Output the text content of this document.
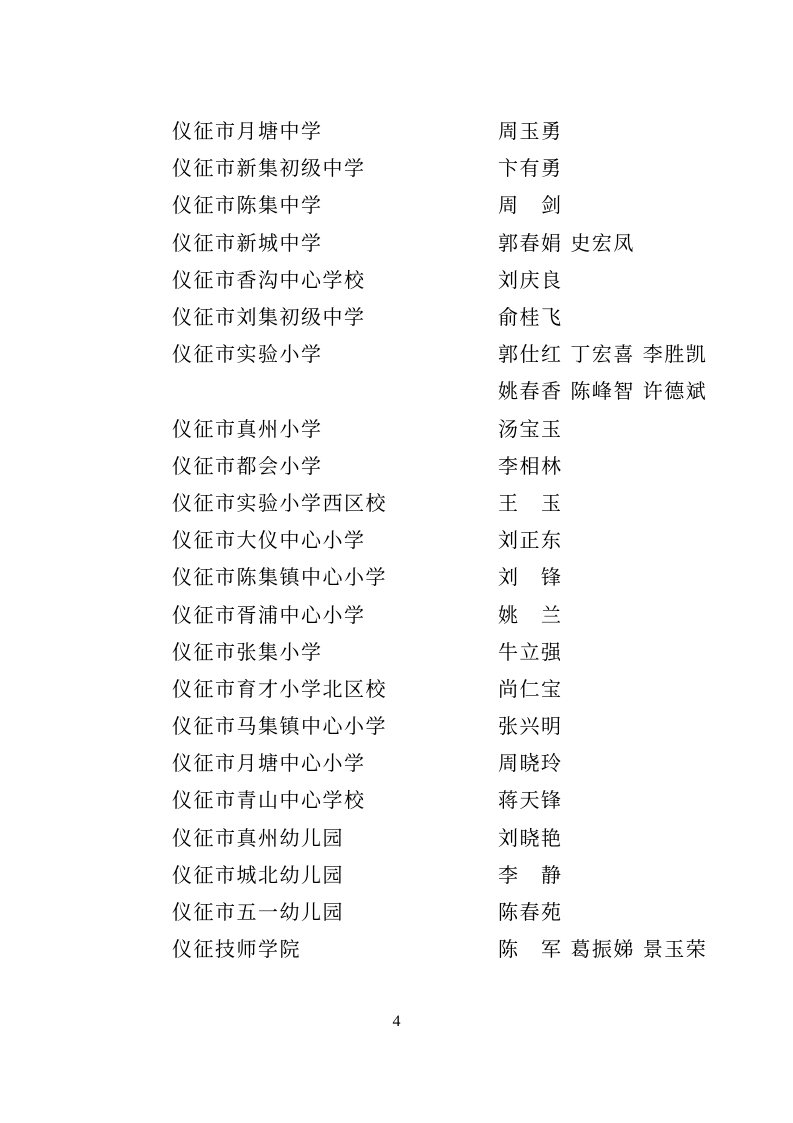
仪征市月塘中学	周玉勇
仪征市新集初级中学	卞有勇
仪征市陈集中学	周　剑
仪征市新城中学	郭春娟 史宏凤
仪征市香沟中心学校	刘庆良
仪征市刘集初级中学	俞桂飞
仪征市实验小学	郭仕红 丁宏喜 李胜凯
姚春香 陈峰智 许德斌
仪征市真州小学	汤宝玉
仪征市都会小学	李相林
仪征市实验小学西区校	王　玉
仪征市大仪中心小学	刘正东
仪征市陈集镇中心小学	刘　锋
仪征市胥浦中心小学	姚　兰
仪征市张集小学	牛立强
仪征市育才小学北区校	尚仁宝
仪征市马集镇中心小学	张兴明
仪征市月塘中心小学	周晓玲
仪征市青山中心学校	蒋天锋
仪征市真州幼儿园	刘晓艳
仪征市城北幼儿园	李　静
仪征市五一幼儿园	陈春苑
仪征技师学院	陈　军 葛振娣 景玉荣
4
